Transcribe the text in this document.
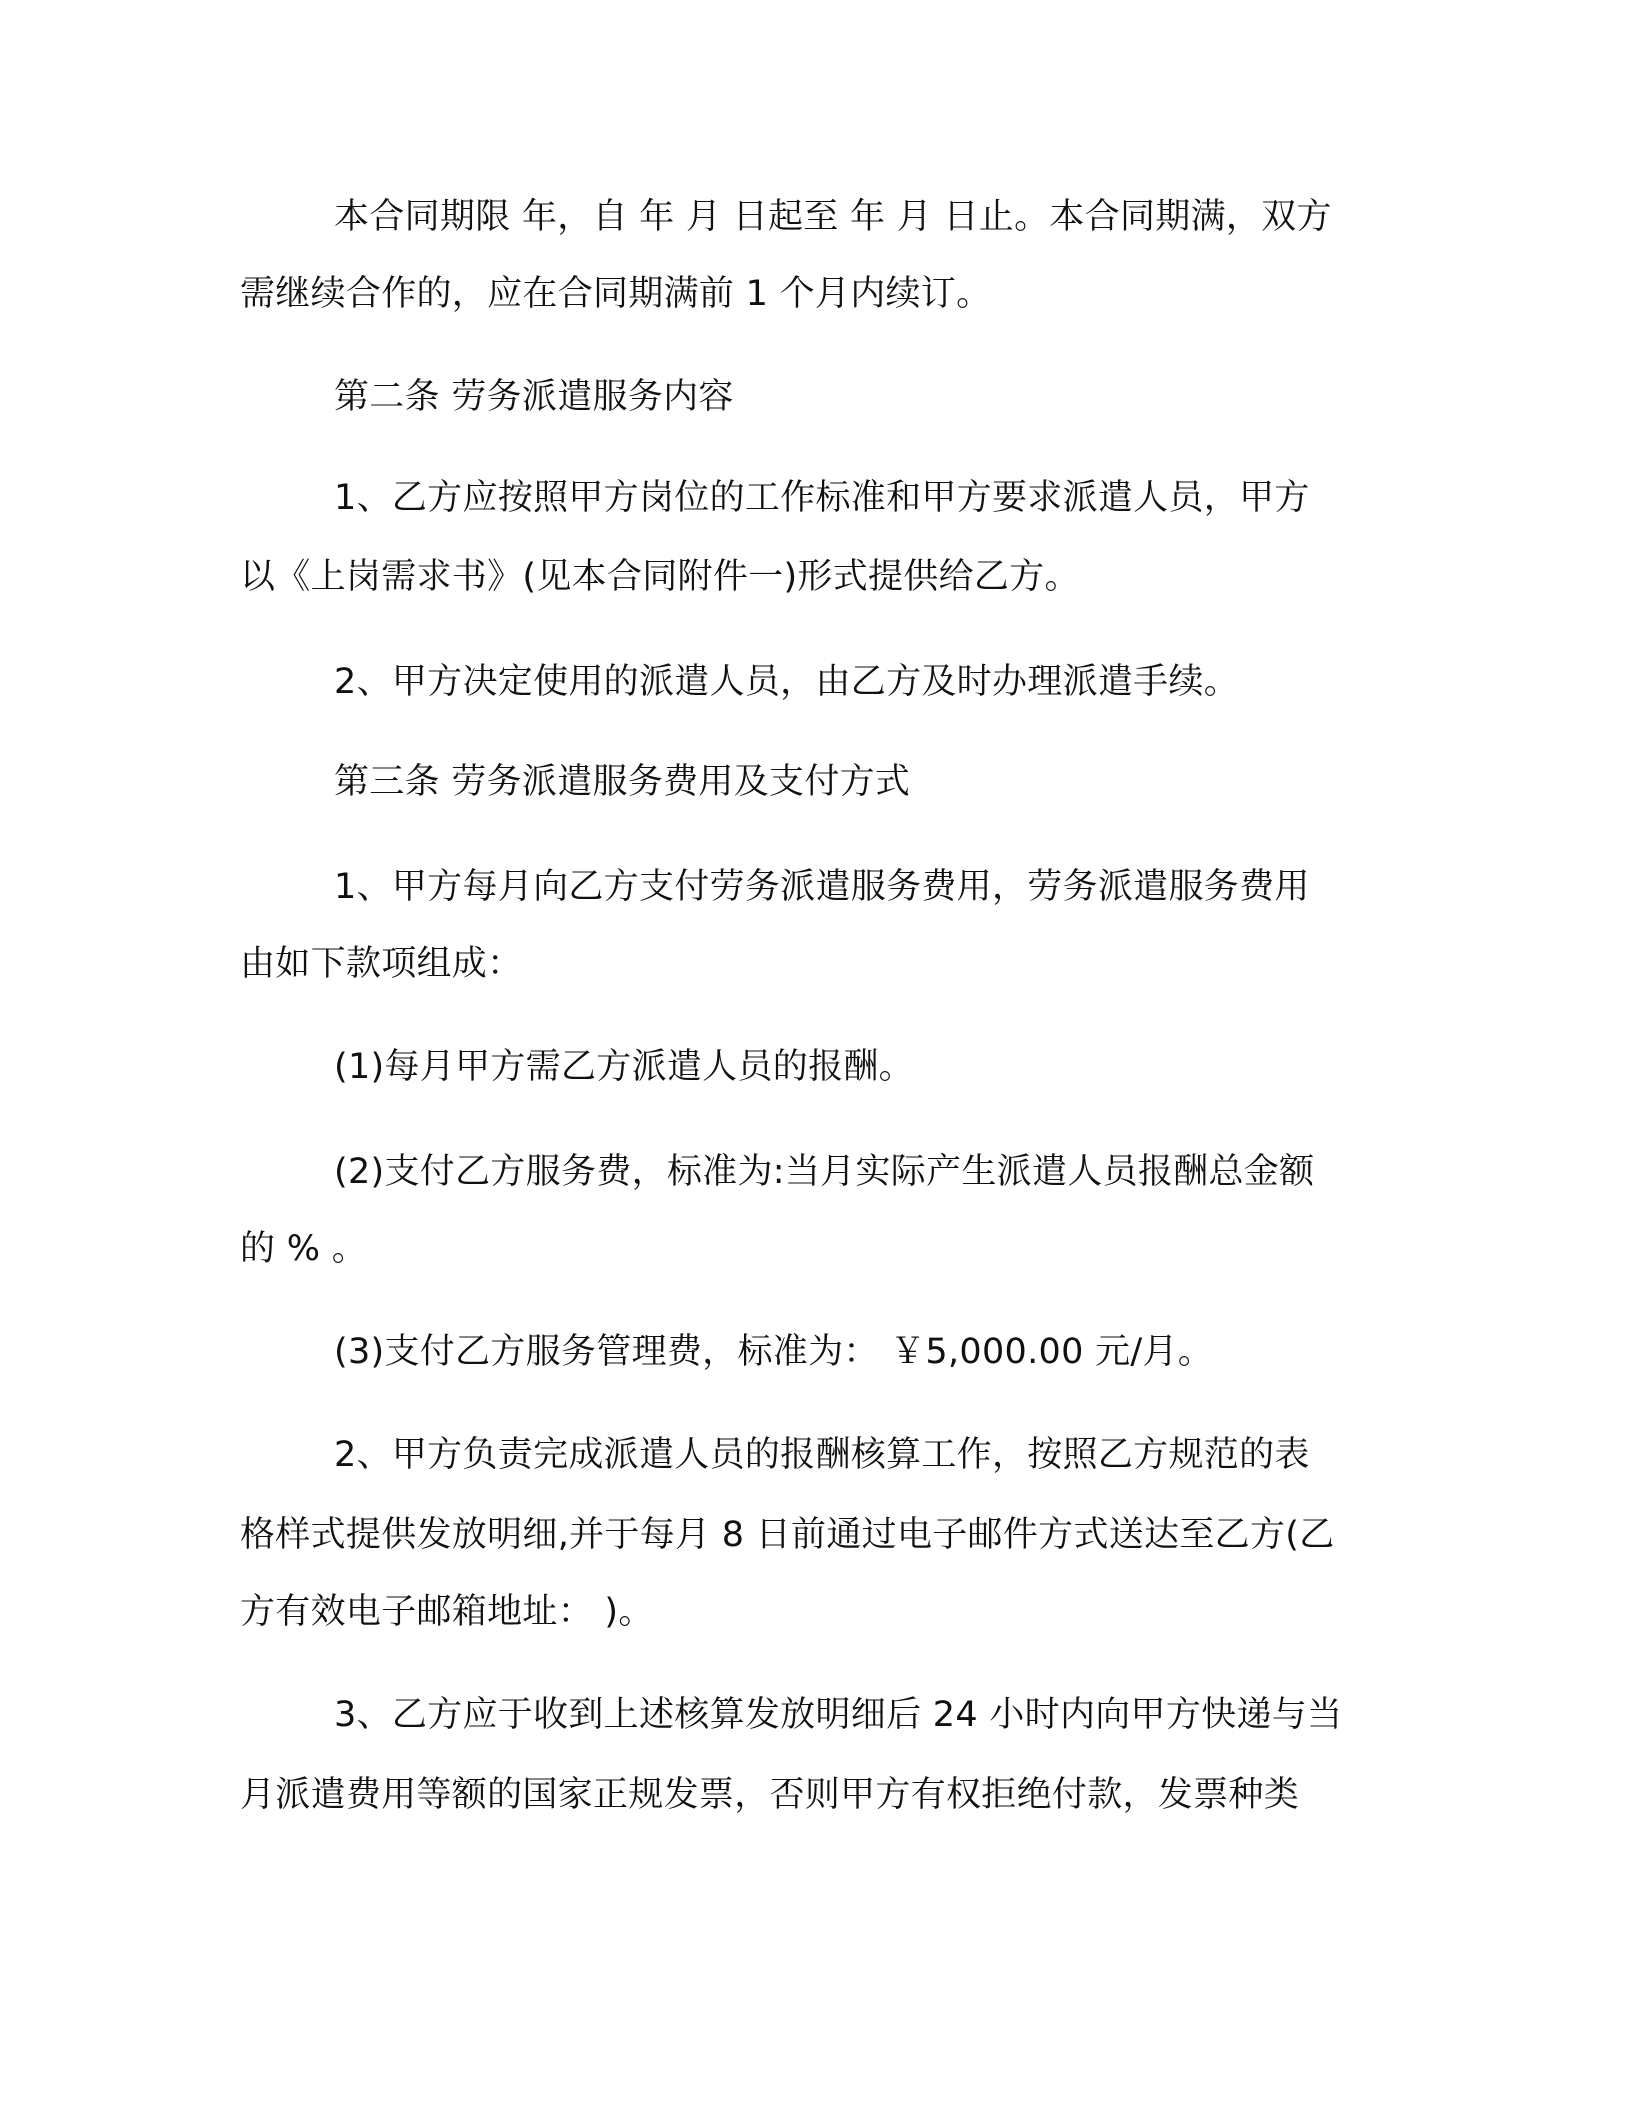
本合同期限 年，自 年 月 日起至 年 月 日止。本合同期满，双方
需继续合作的，应在合同期满前 1 个月内续订。
第二条 劳务派遣服务内容
1、乙方应按照甲方岗位的工作标准和甲方要求派遣人员，甲方
以《上岗需求书》(见本合同附件一)形式提供给乙方。
2、甲方决定使用的派遣人员，由乙方及时办理派遣手续。
第三条 劳务派遣服务费用及支付方式
1、甲方每月向乙方支付劳务派遣服务费用，劳务派遣服务费用
由如下款项组成：
(1)每月甲方需乙方派遣人员的报酬。
(2)支付乙方服务费，标准为:当月实际产生派遣人员报酬总金额
的 % 。
(3)支付乙方服务管理费，标准为： ￥5,000.00 元/月。
2、甲方负责完成派遣人员的报酬核算工作，按照乙方规范的表
格样式提供发放明细,并于每月 8 日前通过电子邮件方式送达至乙方(乙
方有效电子邮箱地址： )。
3、乙方应于收到上述核算发放明细后 24 小时内向甲方快递与当
月派遣费用等额的国家正规发票，否则甲方有权拒绝付款，发票种类
